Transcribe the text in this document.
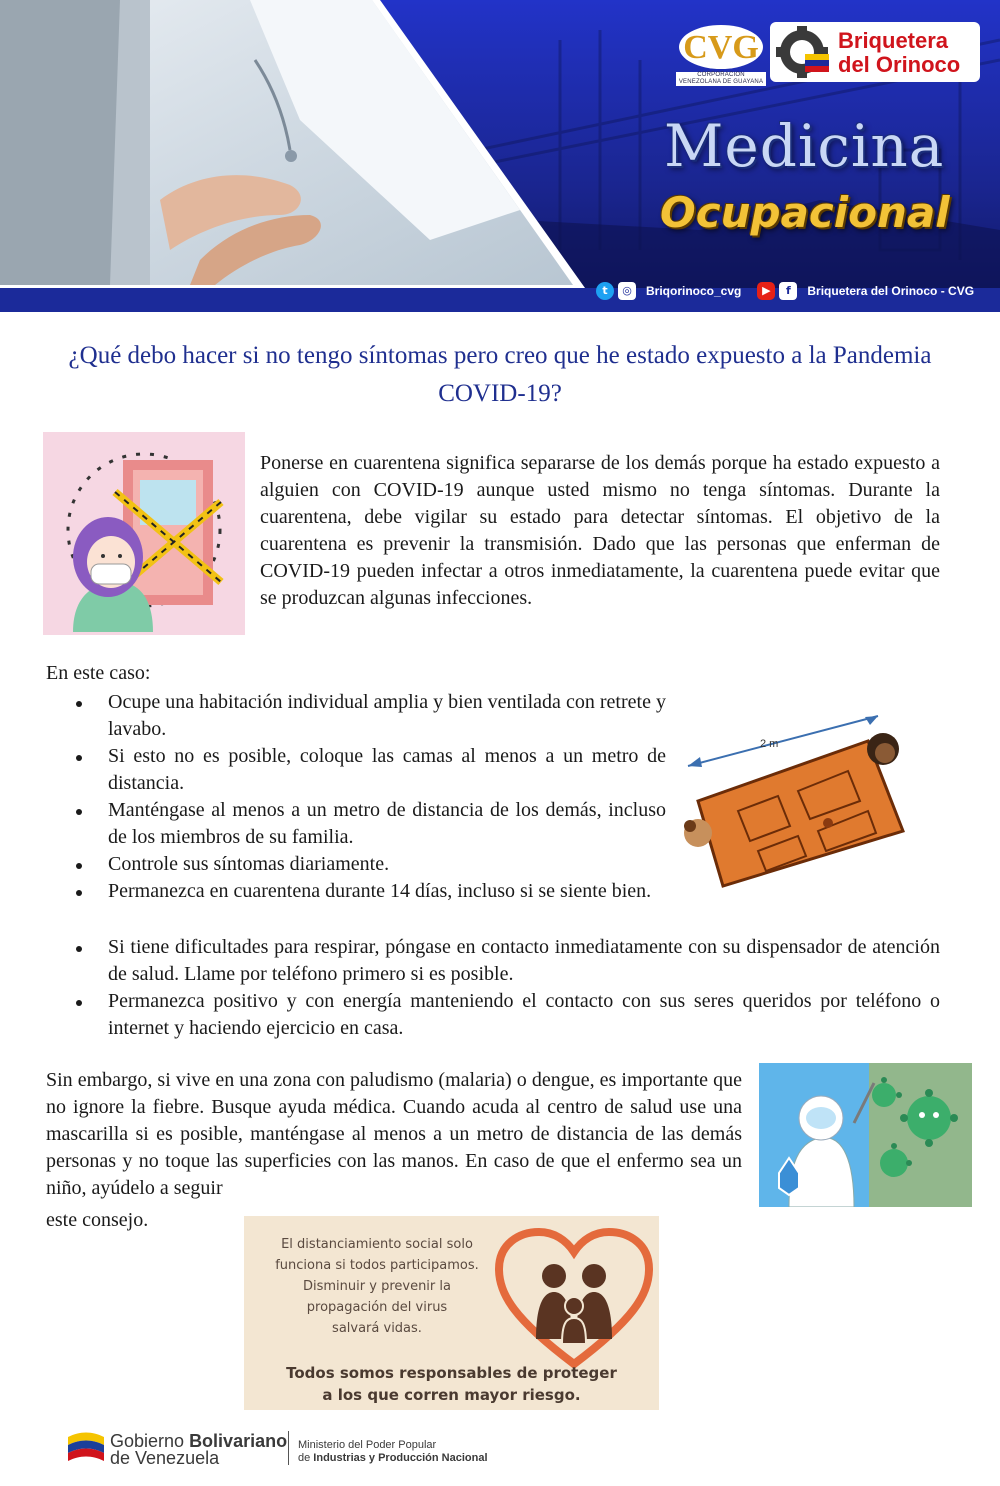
CVG
CORPORACION
VENEZOLANA DE GUAYANA
Briquetera
del Orinoco
Medicina
Ocupacional
t	◎	Briqorinoco_cvg	▶	f	Briquetera del Orinoco - CVG
¿Qué debo hacer si no tengo síntomas pero creo que he estado expuesto a la Pandemia COVID-19?
Ponerse en cuarentena significa separarse de los demás porque ha estado expuesto a alguien con COVID-19 aunque usted mismo no tenga síntomas. Durante la cuarentena, debe vigilar su estado para detectar síntomas. El objetivo de la cuarentena es prevenir la transmisión. Dado que las personas que enferman de COVID-19 pueden infectar a otros inmediatamente, la cuarentena puede evitar que se produzcan algunas infecciones.
En este caso:
Ocupe una habitación individual amplia y bien ventilada con retrete y lavabo.
Si esto no es posible, coloque las camas al menos a un metro de distancia.
Manténgase al menos a un metro de distancia de los demás, incluso de los miembros de su familia.
Controle sus síntomas diariamente.
Permanezca en cuarentena durante 14 días, incluso si se siente bien.
2 m
Si tiene dificultades para respirar, póngase en contacto inmediatamente con su dispensador de atención de salud. Llame por teléfono primero si es posible.
Permanezca positivo y con energía manteniendo el contacto con sus seres queridos por teléfono o internet y haciendo ejercicio en casa.
Sin embargo, si vive en una zona con paludismo (malaria) o dengue, es importante que no ignore la fiebre. Busque ayuda médica. Cuando acuda al centro de salud use una mascarilla si es posible, manténgase al menos a un metro de distancia de las demás personas y no toque las superficies con las manos. En caso de que el enfermo sea un niño, ayúdelo a seguir
este consejo.
El distanciamiento social solo
funciona si todos participamos.
Disminuir y prevenir la
propagación del virus
salvará vidas.
Todos somos responsables de proteger
a los que corren mayor riesgo.
Gobierno Bolivariano
de Venezuela
Ministerio del Poder Popular
de Industrias y Producción Nacional
